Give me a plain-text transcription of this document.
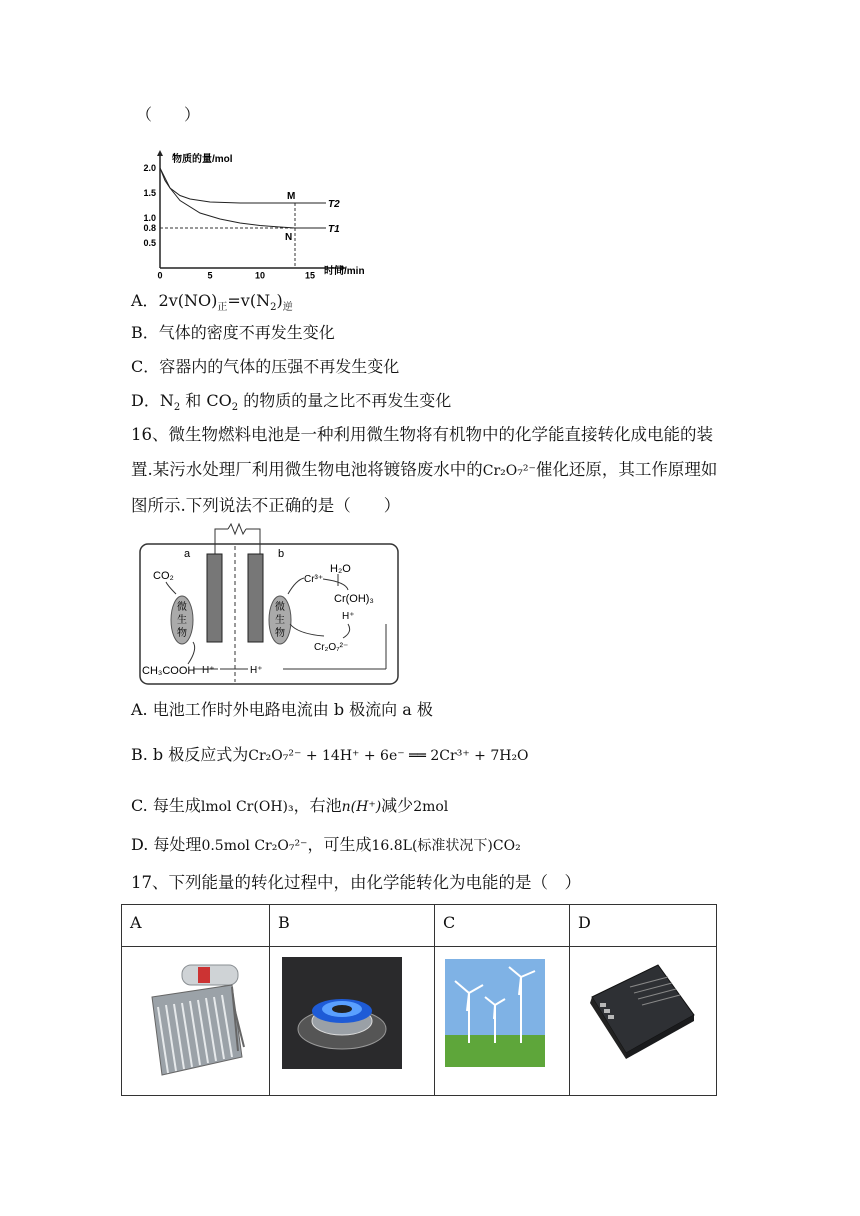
（　　）
物质的量/mol
时间/min
0	5	10	15
2.0
1.5
1.0
0.8
0.5
T2
T1
M
N
A．$2v(NO)_正=v(N_2)_逆$
B．气体的密度不再发生变化
C．容器内的气体的压强不再发生变化
D．$N_2$ 和 $CO_2$ 的物质的量之比不再发生变化
16、微生物燃料电池是一种利用微生物将有机物中的化学能直接转化成电能的装
置.某污水处理厂利用微生物电池将镀铬废水中的Cr₂O₇²⁻催化还原，其工作原理如
图所示.下列说法不正确的是（　　）
微
生
物
微
生
物
a	b
CO₂
CH₃COOH H⁺	H⁺
Cr³⁺
H₂O
Cr(OH)₃
H⁺
Cr₂O₇²⁻
A. 电池工作时外电路电流由 b 极流向 a 极
B. b 极反应式为Cr₂O₇²⁻ + 14H⁺ + 6e⁻ ══ 2Cr³⁺ + 7H₂O
C. 每生成lmol Cr(OH)₃，右池n(H⁺)减少2mol
D. 每处理0.5mol Cr₂O₇²⁻，可生成16.8L(标准状况下)CO₂
17、下列能量的转化过程中，由化学能转化为电能的是（　）
A	B	C	D
